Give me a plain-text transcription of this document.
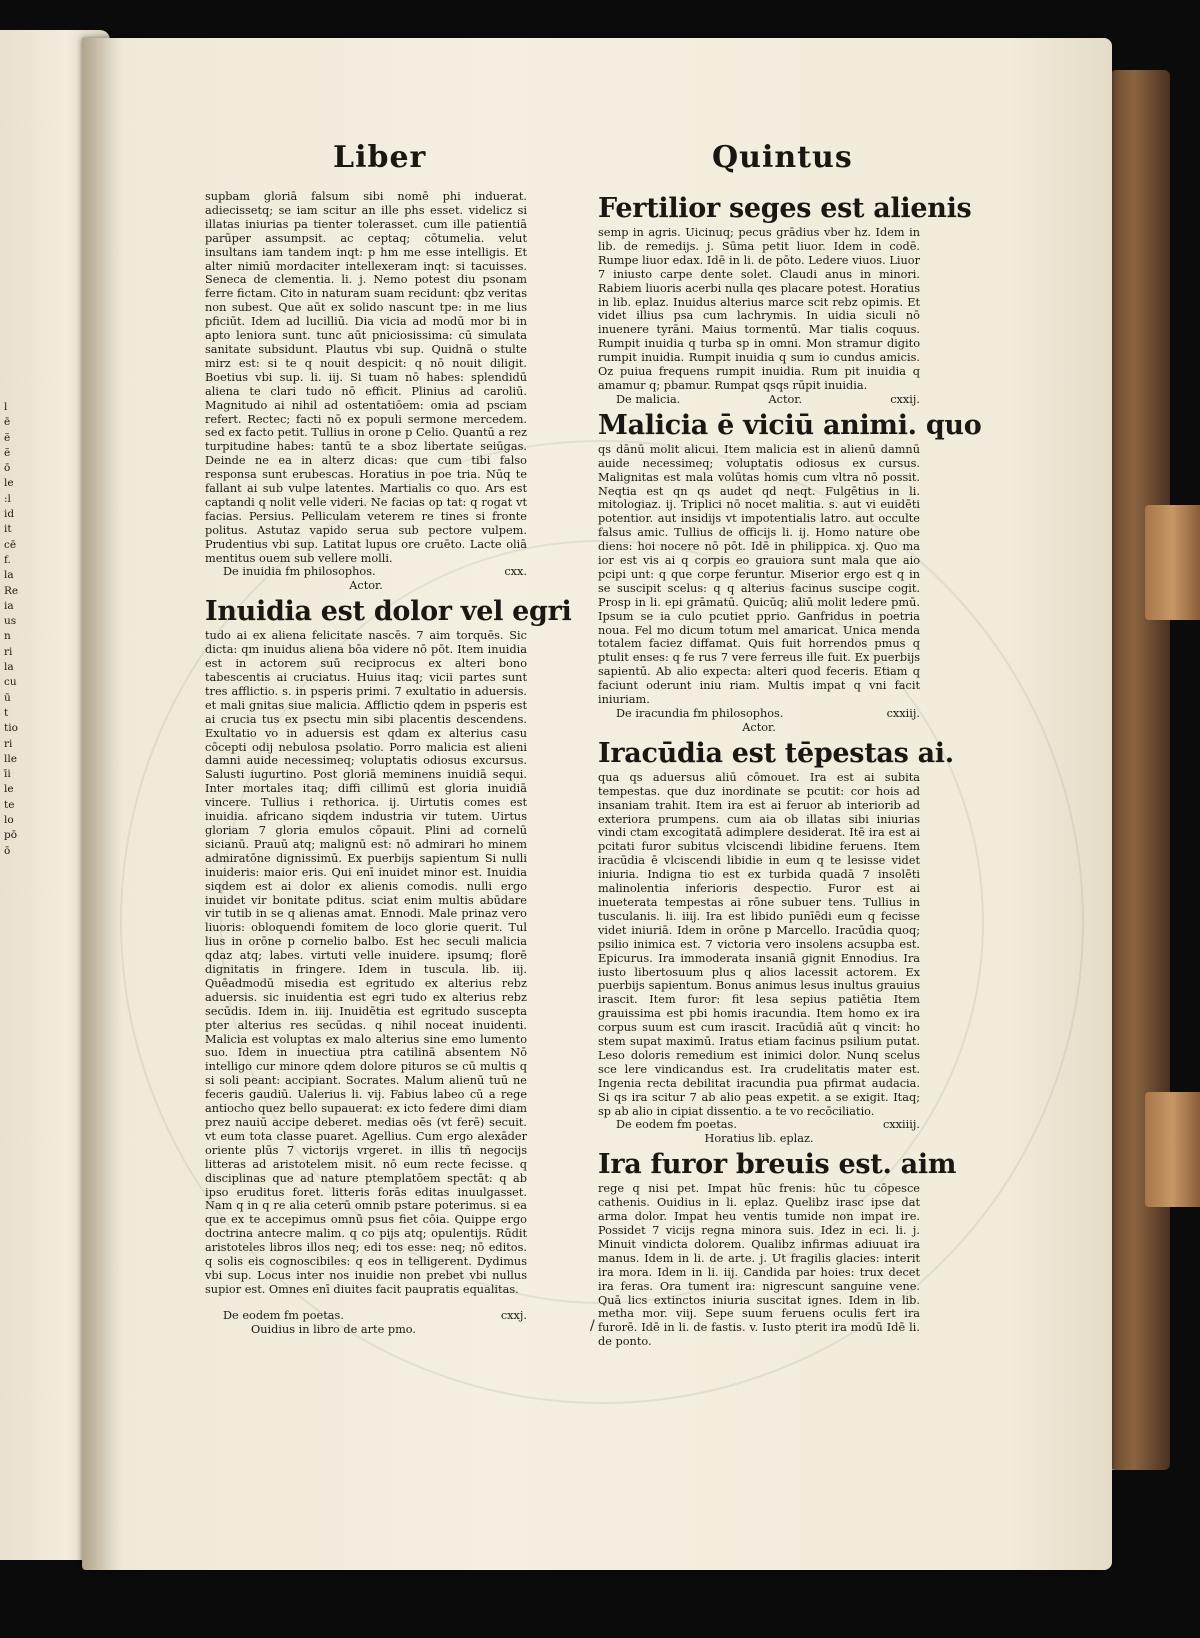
l
ē
ẽ
ẽ
ō
le
:l
id
it
cē
f.
la
Re
ia
us
n
ri
la
cu
ū
t
tio
ri
lle
īi
le
te
lo
pō
ō
Liber	Quintus

supbam gloriā falsum sibi nomē phi induerat. adiecissetq; se iam scitur an ille phs esset. videlicz si illatas iniurias pa tienter tolerasset. cum ille patientiā parūper assumpsit. ac ceptaq; cōtumelia. velut insultans iam tandem inqt: p hm me esse intelligis. Et alter nimiū mordaciter intellexeram inqt: si tacuisses. Seneca de clementia. li. j. Nemo potest diu psonam ferre fictam. Cito in naturam suam recidunt: qbz veritas non subest. Que aūt ex solido nascunt tpe: in me lius pficiūt. Idem ad lucilliū. Dia vicia ad modū mor bi in apto leniora sunt. tunc aūt pniciosissima: cū simulata sanitate subsidunt. Plautus vbi sup. Quidnā o stulte mirz est: si te q nouit despicit: q nō nouit diligit. Boetius vbi sup. li. iij. Si tuam nō habes: splendidū aliena te clari tudo nō efficit. Plinius ad caroliū. Magnitudo ai nihil ad ostentatiōem: omia ad psciam refert. Rectec; facti nō ex populi sermone mercedem. sed ex facto petit. Tullius in orone p Celio. Quantū a rez turpitudine habes: tantū te a sboz libertate seiūgas. Deinde ne ea in alterz dicas: que cum tibi falso responsa sunt erubescas. Horatius in poe tria. Nūq te fallant ai sub vulpe latentes. Martialis co quo. Ars est captandi q nolit velle videri. Ne facias op tat: q rogat vt facias. Persius. Pelliculam veterem re tines si fronte politus. Astutaz vapido serua sub pectore vulpem. Prudentius vbi sup. Latitat lupus ore cruēto. Lacte oliā mentitus ouem sub vellere molli.

De inuidia fm philosophos.	cxx.
Actor.
Inuidia est dolor vel egri

tudo ai ex aliena felicitate nascēs. 7 aim torquēs. Sic dicta: qm inuidus aliena bōa videre nō pōt. Item inuidia est in actorem suū reciprocus ex alteri bono tabescentis ai cruciatus. Huius itaq; vicii partes sunt tres afflictio. s. in psperis primi. 7 exultatio in aduersis. et mali gnitas siue malicia. Afflictio qdem in psperis est ai crucia tus ex psectu min sibi placentis descendens. Exultatio vo in aduersis est qdam ex alterius casu cōcepti odij nebulosa psolatio. Porro malicia est alieni damni auide necessimeq; voluptatis odiosus excursus. Salusti iugurtino. Post gloriā meminens inuidiā sequi. Inter mortales itaq; diffi cillimū est gloria inuidiā vincere. Tullius i rethorica. ij. Uirtutis comes est inuidia. africano siqdem industria vir tutem. Uirtus gloriam 7 gloria emulos cōpauit. Plini ad cornelū sicianū. Prauū atq; malignū est: nō admirari ho minem admiratōne dignissimū. Ex puerbijs sapientum Si nulli inuideris: maior eris. Qui enī inuidet minor est. Inuidia siqdem est ai dolor ex alienis comodis. nulli ergo inuidet vir bonitate pditus. sciat enim multis abūdare vir tutib in se q alienas amat. Ennodi. Male prinaz vero liuoris: obloquendi fomitem de loco glorie querit. Tul lius in orōne p cornelio balbo. Est hec seculi malicia qdaz atq; labes. virtuti velle inuidere. ipsumq; florē dignitatis in fringere. Idem in tuscula. lib. iij. Quēadmodū misedia est egritudo ex alterius rebz aduersis. sic inuidentia est egri tudo ex alterius rebz secūdis. Idem in. iiij. Inuidētia est egritudo suscepta pter alterius res secūdas. q nihil noceat inuidenti. Malicia est voluptas ex malo alterius sine emo lumento suo. Idem in inuectiua ptra catilinā absentem Nō intelligo cur minore qdem dolore pituros se cū multis q si soli peant: accipiant. Socrates. Malum alienū tuū ne feceris gaudiū. Ualerius li. vij. Fabius labeo cū a rege antiocho quez bello supauerat: ex icto federe dimi diam prez nauiū accipe deberet. medias oēs (vt ferē) secuit. vt eum tota classe puaret. Agellius. Cum ergo alexāder oriente plūs 7 victorijs vrgeret. in illis tñ negocijs litteras ad aristotelem misit. nō eum recte fecisse. q disciplinas que ad nature ptemplatōem spectāt: q ab ipso eruditus foret. litteris forās editas inuulgasset. Nam q in q re alia ceterū omnib pstare poterimus. si ea que ex te accepimus omnū psus fiet cōia. Quippe ergo doctrina antecre malim. q co pijs atq; opulentijs. Rūdit aristoteles libros illos neq; edi tos esse: neq; nō editos. q solis eis cognoscibiles: q eos in telligerent. Dydimus vbi sup. Locus inter nos inuidie non prebet vbi nullus supior est. Omnes enī diuites facit paupratis equalitas.

De eodem fm poetas.	cxxj.
Ouidius in libro de arte pmo.
Fertilior seges est alienis

semp in agris. Uicinuq; pecus grādius vber hz. Idem in lib. de remedijs. j. Sūma petit liuor. Idem in codē. Rumpe liuor edax. Idē in li. de pōto. Ledere viuos. Liuor 7 iniusto carpe dente solet. Claudi anus in minori. Rabiem liuoris acerbi nulla qes placare potest. Horatius in lib. eplaz. Inuidus alterius marce scit rebz opimis. Et videt illius psa cum lachrymis. In uidia siculi nō inuenere tyrāni. Maius tormentū. Mar tialis coquus. Rumpit inuidia q turba sp in omni. Mon stramur digito rumpit inuidia. Rumpit inuidia q sum io cundus amicis. Oz puiua frequens rumpit inuidia. Rum pit inuidia q amamur q; pbamur. Rumpat qsqs rūpit inuidia.

De malicia.	Actor.	cxxij.
Malicia ē viciū animi. quo

qs dānū molit alicui. Item malicia est in alienū damnū auide necessimeq; voluptatis odiosus ex cursus. Malignitas est mala volūtas homis cum vltra nō possit. Neqtia est qn qs audet qd neqt. Fulgētius in li. mitologiaz. ij. Triplici nō nocet malitia. s. aut vi euidēti potentior. aut insidijs vt impotentialis latro. aut occulte falsus amic. Tullius de officijs li. ij. Homo nature obe diens: hoi nocere nō pōt. Idē in philippica. xj. Quo ma ior est vis ai q corpis eo grauiora sunt mala que aio pcipi unt: q que corpe feruntur. Miserior ergo est q in se suscipit scelus: q q alterius facinus suscipe cogit. Prosp in li. epi grāmatū. Quicūq; aliū molit ledere pmū. Ipsum se ia culo pcutiet pprio. Ganfridus in poetria noua. Fel mo dicum totum mel amaricat. Unica menda totalem faciez diffamat. Quis fuit horrendos pmus q ptulit enses: q fe rus 7 vere ferreus ille fuit. Ex puerbijs sapientū. Ab alio expecta: alteri quod feceris. Etiam q faciunt oderunt iniu riam. Multis impat q vni facit iniuriam.

De iracundia fm philosophos.	cxxiij.
Actor.
Iracūdia est tēpestas ai.

qua qs aduersus aliū cōmouet. Ira est ai subita tempestas. que duz inordinate se pcutit: cor hois ad insaniam trahit. Item ira est ai feruor ab interiorib ad exteriora prumpens. cum aia ob illatas sibi iniurias vindi ctam excogitatā adimplere desiderat. Itē ira est ai pcitati furor subitus vlciscendi libidine feruens. Item iracūdia ē vlciscendi libidie in eum q te lesisse videt iniuria. Indigna tio est ex turbida quadā 7 insolēti malinolentia inferioris despectio. Furor est ai inueterata tempestas ai rōne subuer tens. Tullius in tusculanis. li. iiij. Ira est libido punīēdi eum q fecisse videt iniuriā. Idem in orōne p Marcello. Iracūdia quoq; psilio inimica est. 7 victoria vero insolens acsupba est. Epicurus. Ira immoderata insaniā gignit Ennodius. Ira iusto libertosuum plus q alios lacessit actorem. Ex puerbijs sapientum. Bonus animus lesus inultus grauius irascit. Item furor: fit lesa sepius patiētia Item grauissima est pbi homis iracundia. Item homo ex ira corpus suum est cum irascit. Iracūdiā aūt q vincit: ho stem supat maximū. Iratus etiam facinus psilium putat. Leso doloris remedium est inimici dolor. Nunq scelus sce lere vindicandus est. Ira crudelitatis mater est. Ingenia recta debilitat iracundia pua pfirmat audacia. Si qs ira scitur 7 ab alio peas expetit. a se exigit. Itaq; sp ab alio in cipiat dissentio. a te vo recōciliatio.

De eodem fm poetas.	cxxiiij.
Horatius lib. eplaz.
Ira furor breuis est. aim

rege q nisi pet. Impat hūc frenis: hūc tu cōpesce cathenis. Ouidius in li. eplaz. Quelibz irasc ipse dat arma dolor. Impat heu ventis tumide non impat ire. Possidet 7 vicijs regna minora suis. Idez in eci. li. j. Minuit vindicta dolorem. Qualibz infirmas adiuuat ira manus. Idem in li. de arte. j. Ut fragilis glacies: interit ira mora. Idem in li. iij. Candida par hoies: trux decet ira feras. Ora tument ira: nigrescunt sanguine vene. Quā lics extinctos iniuria suscitat ignes. Idem in lib. metha mor. viij. Sepe suum feruens oculis fert ira furorē. Idē in li. de fastis. v. Iusto pterit ira modū Idē li. de ponto.

/
